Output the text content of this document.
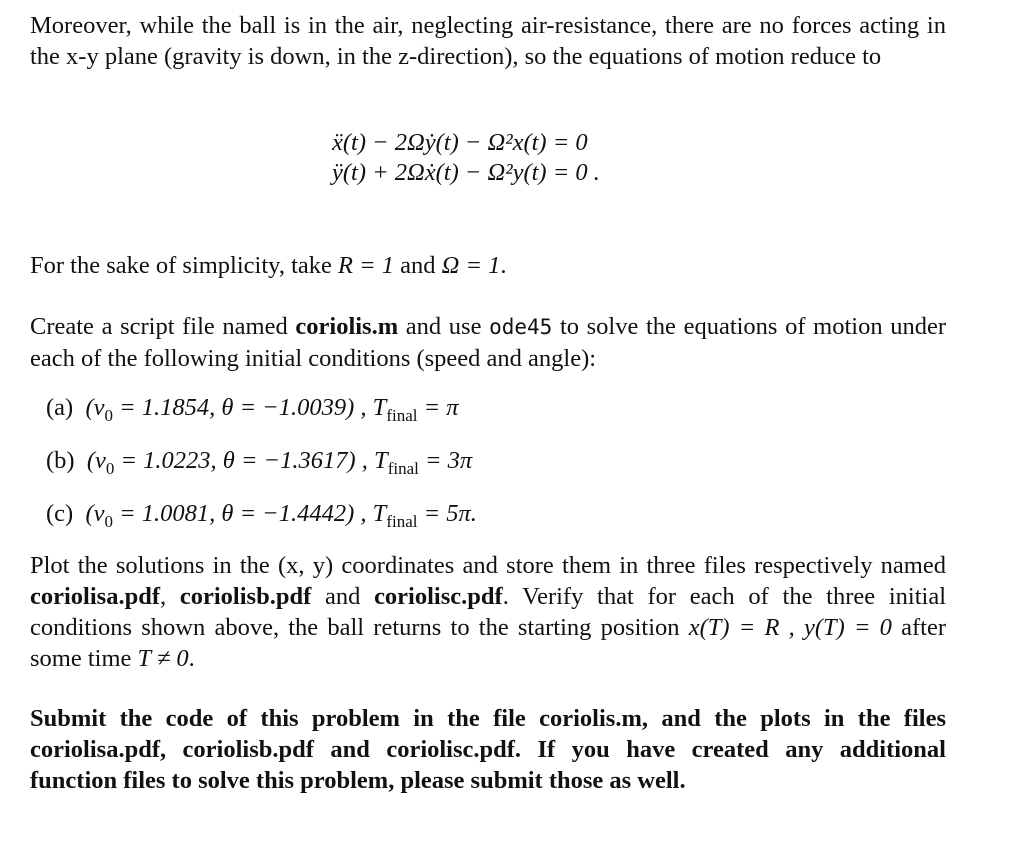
Moreover, while the ball is in the air, neglecting air-resistance, there are no forces acting in the x-y plane (gravity is down, in the z-direction), so the equations of motion reduce to

ẍ(t) − 2Ωẏ(t) − Ω²x(t) = 0
ÿ(t) + 2Ωẋ(t) − Ω²y(t) = 0 .

For the sake of simplicity, take R = 1 and Ω = 1.

Create a script file named coriolis.m and use ode45 to solve the equations of motion under each of the following initial conditions (speed and angle):

(a) ($v_0 = 1.1854$, θ = −1.0039) , $T_{final} = \pi$
(b) ($v_0 = 1.0223$, θ = −1.3617) , $T_{final} = 3\pi$
(c) ($v_0 = 1.0081$, θ = −1.4442) , $T_{final} = 5\pi$.

Plot the solutions in the (x, y) coordinates and store them in three files respectively named coriolisa.pdf, coriolisb.pdf and coriolisc.pdf. Verify that for each of the three initial conditions shown above, the ball returns to the starting position x(T) = R , y(T) = 0 after some time T ≠ 0.

Submit the code of this problem in the file coriolis.m, and the plots in the files coriolisa.pdf, coriolisb.pdf and coriolisc.pdf. If you have created any additional function files to solve this problem, please submit those as well.
